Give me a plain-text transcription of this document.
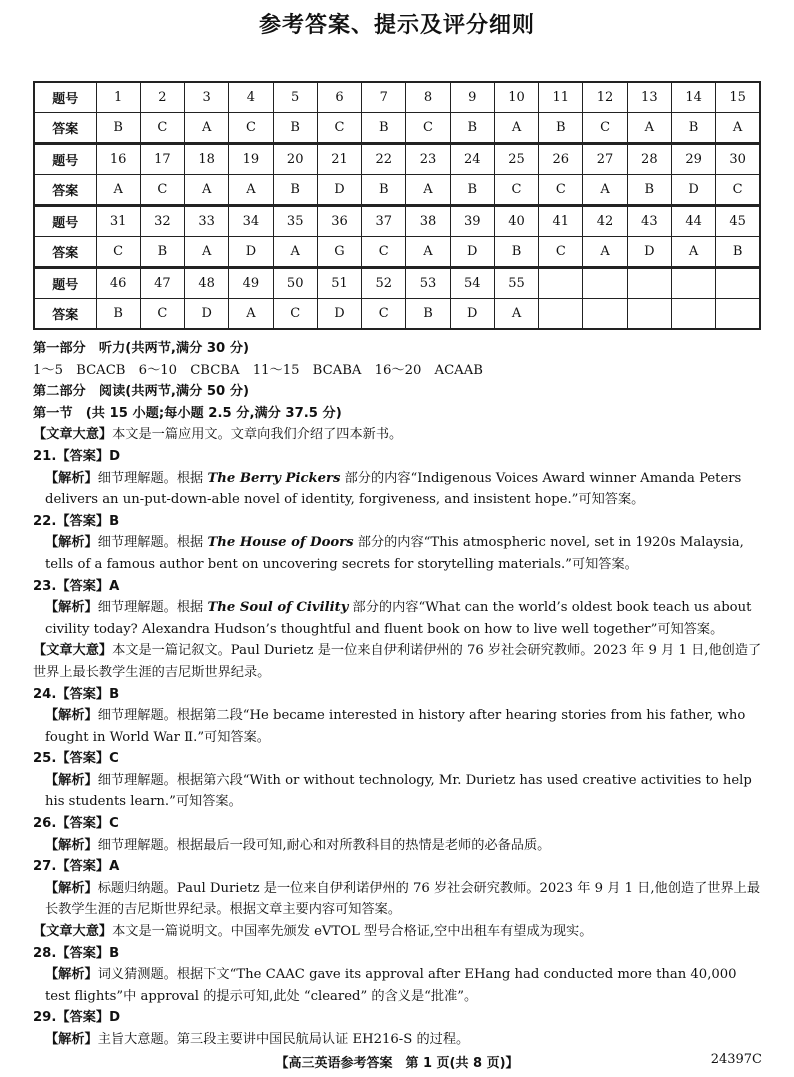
参考答案、提示及评分细则
题号	1	2	3	4	5	6	7	8	9	10	11	12	13	14	15
答案	B	C	A	C	B	C	B	C	B	A	B	C	A	B	A
题号	16	17	18	19	20	21	22	23	24	25	26	27	28	29	30
答案	A	C	A	A	B	D	B	A	B	C	C	A	B	D	C
题号	31	32	33	34	35	36	37	38	39	40	41	42	43	44	45
答案	C	B	A	D	A	G	C	A	D	B	C	A	D	A	B
题号	46	47	48	49	50	51	52	53	54	55					
答案	B	C	D	A	C	D	C	B	D	A					

第一部分　听力(共两节,满分 30 分)

1～5　BCACB　6～10　CBCBA　11～15　BCABA　16～20　ACAAB

第二部分　阅读(共两节,满分 50 分)

第一节　(共 15 小题;每小题 2.5 分,满分 37.5 分)

【文章大意】本文是一篇应用文。文章向我们介绍了四本新书。

21.【答案】D

【解析】细节理解题。根据 The Berry Pickers 部分的内容“Indigenous Voices Award winner Amanda Peters delivers an un-put-down-able novel of identity, forgiveness, and insistent hope.”可知答案。

22.【答案】B

【解析】细节理解题。根据 The House of Doors 部分的内容“This atmospheric novel, set in 1920s Malaysia, tells of a famous author bent on uncovering secrets for storytelling materials.”可知答案。

23.【答案】A

【解析】细节理解题。根据 The Soul of Civility 部分的内容“What can the world’s oldest book teach us about civility today? Alexandra Hudson’s thoughtful and fluent book on how to live well together”可知答案。

【文章大意】本文是一篇记叙文。Paul Durietz 是一位来自伊利诺伊州的 76 岁社会研究教师。2023 年 9 月 1 日,他创造了世界上最长教学生涯的吉尼斯世界纪录。

24.【答案】B

【解析】细节理解题。根据第二段“He became interested in history after hearing stories from his father, who fought in World War Ⅱ.”可知答案。

25.【答案】C

【解析】细节理解题。根据第六段“With or without technology, Mr. Durietz has used creative activities to help his students learn.”可知答案。

26.【答案】C

【解析】细节理解题。根据最后一段可知,耐心和对所教科目的热情是老师的必备品质。

27.【答案】A

【解析】标题归纳题。Paul Durietz 是一位来自伊利诺伊州的 76 岁社会研究教师。2023 年 9 月 1 日,他创造了世界上最长教学生涯的吉尼斯世界纪录。根据文章主要内容可知答案。

【文章大意】本文是一篇说明文。中国率先颁发 eVTOL 型号合格证,空中出租车有望成为现实。

28.【答案】B

【解析】词义猜测题。根据下文“The CAAC gave its approval after EHang had conducted more than 40,000 test flights”中 approval 的提示可知,此处 “cleared” 的含义是“批准”。

29.【答案】D

【解析】主旨大意题。第三段主要讲中国民航局认证 EH216-S 的过程。

【高三英语参考答案　第 1 页(共 8 页)】	24397C
